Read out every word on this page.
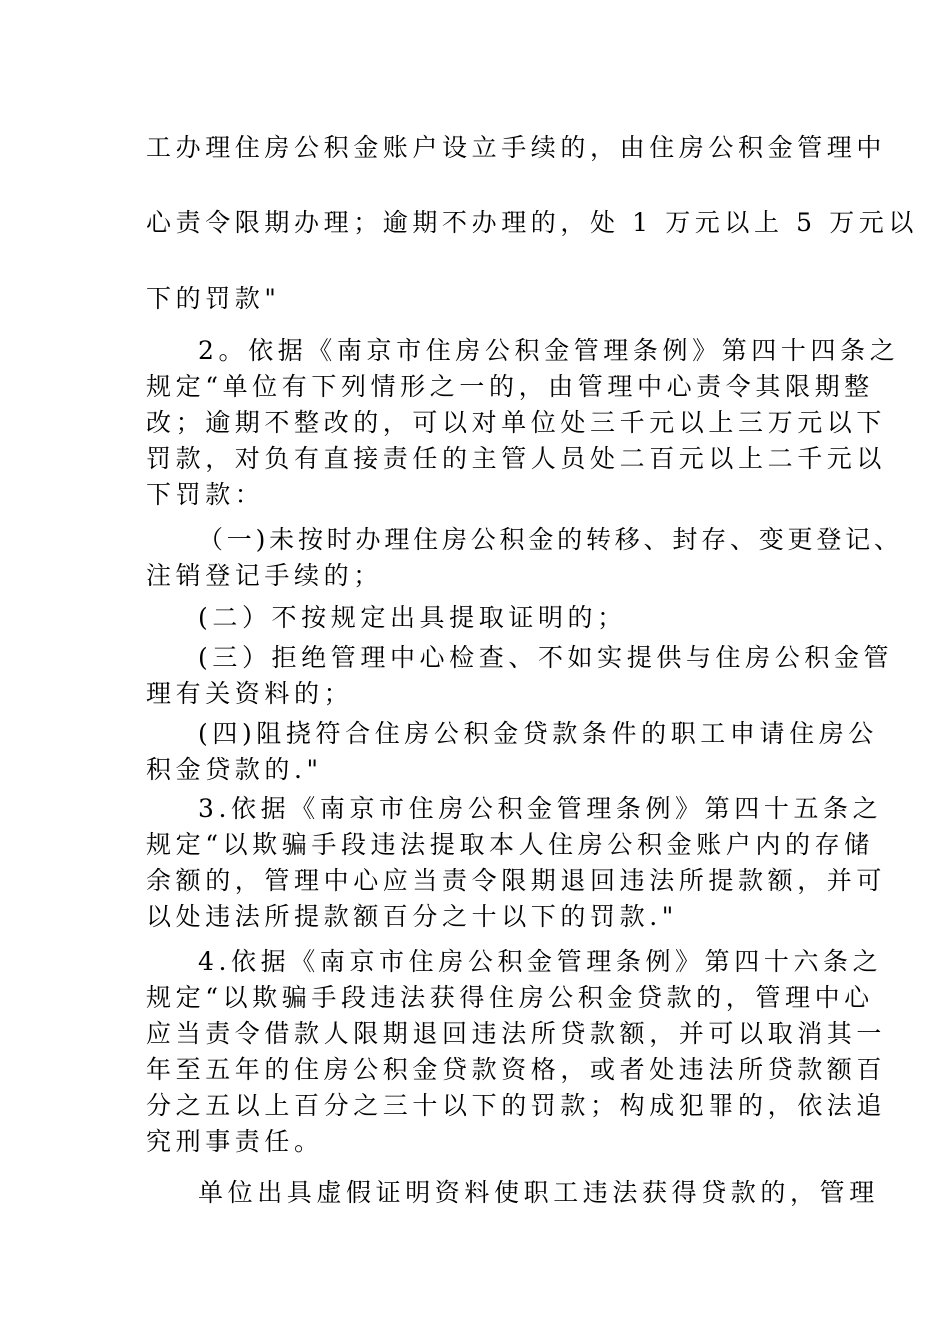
工办理住房公积金账户设立手续的，由住房公积金管理中
心责令限期办理；逾期不办理的，处 1 万元以上 5 万元以
下的罚款"
2。依据《南京市住房公积金管理条例》第四十四条之
规定“单位有下列情形之一的，由管理中心责令其限期整
改；逾期不整改的，可以对单位处三千元以上三万元以下
罚款，对负有直接责任的主管人员处二百元以上二千元以
下罚款：
（一)未按时办理住房公积金的转移、封存、变更登记、
注销登记手续的；
(二）不按规定出具提取证明的；
(三）拒绝管理中心检查、不如实提供与住房公积金管
理有关资料的；
(四)阻挠符合住房公积金贷款条件的职工申请住房公
积金贷款的."
3.依据《南京市住房公积金管理条例》第四十五条之
规定“以欺骗手段违法提取本人住房公积金账户内的存储
余额的，管理中心应当责令限期退回违法所提款额，并可
以处违法所提款额百分之十以下的罚款."
4.依据《南京市住房公积金管理条例》第四十六条之
规定“以欺骗手段违法获得住房公积金贷款的，管理中心
应当责令借款人限期退回违法所贷款额，并可以取消其一
年至五年的住房公积金贷款资格，或者处违法所贷款额百
分之五以上百分之三十以下的罚款；构成犯罪的，依法追
究刑事责任。
单位出具虚假证明资料使职工违法获得贷款的，管理
